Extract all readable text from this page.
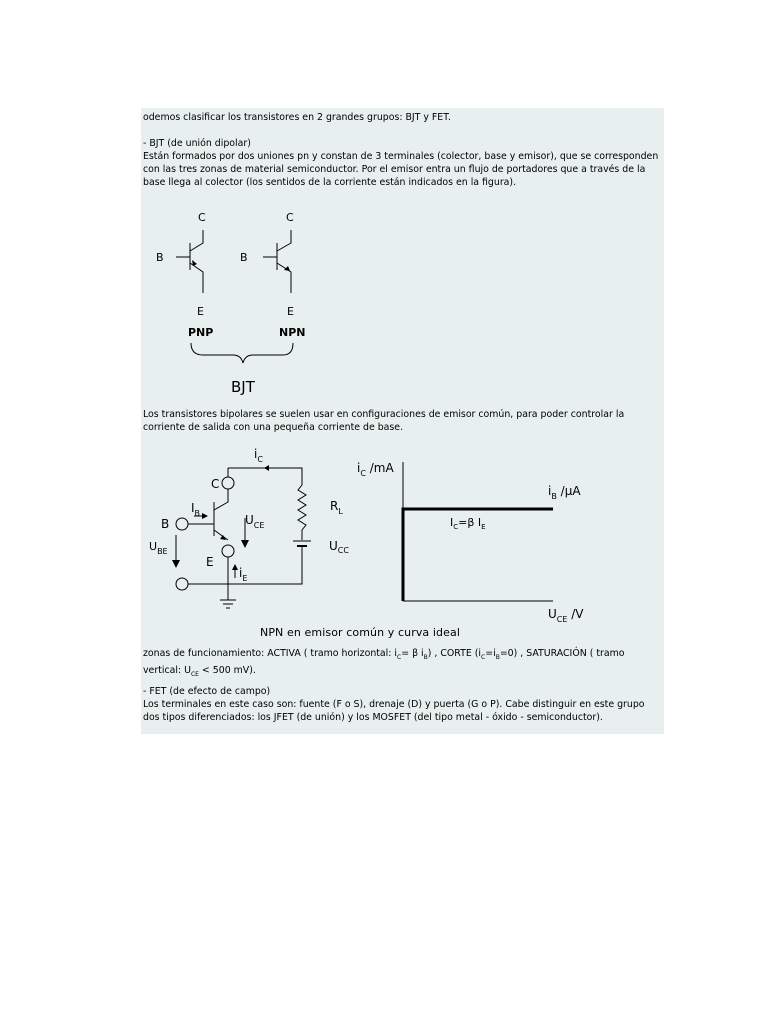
odemos clasificar los transistores en 2 grandes grupos: BJT y FET.

- BJT (de unión dipolar)
Están formados por dos uniones pn y constan de 3 terminales (colector, base y emisor), que se corresponden con las tres zonas de material semiconductor. Por el emisor entra un flujo de portadores que a través de la base llega al colector (los sentidos de la corriente están indicados en la figura).

C
B
E
C
B
E
PNP	NPN
BJT

Los transistores bipolares se suelen usar en configuraciones de emisor común, para poder controlar la corriente de salida con una pequeña corriente de base.

$i_C$
C
$I_B$
B	$U_{CE}$
$U_{BE}$
E
$i_E$
$R_L$
$U_{CC}$
$i_C$ /mA
$i_B$ /μA
$I_C=\beta$ $I_E$
$U_{CE}$ /V
NPN en emisor común y curva ideal

zonas de funcionamiento: ACTIVA ( tramo horizontal: $i_C= \beta$ $i_B$) , CORTE $(i_C=i_B=0)$ , SATURACIÓN ( tramo vertical: $U_{CE} < 500$ mV).

- FET (de efecto de campo)
Los terminales en este caso son: fuente (F o S), drenaje (D) y puerta (G o P). Cabe distinguir en este grupo dos tipos diferenciados: los JFET (de unión) y los MOSFET (del tipo metal - óxido - semiconductor).
